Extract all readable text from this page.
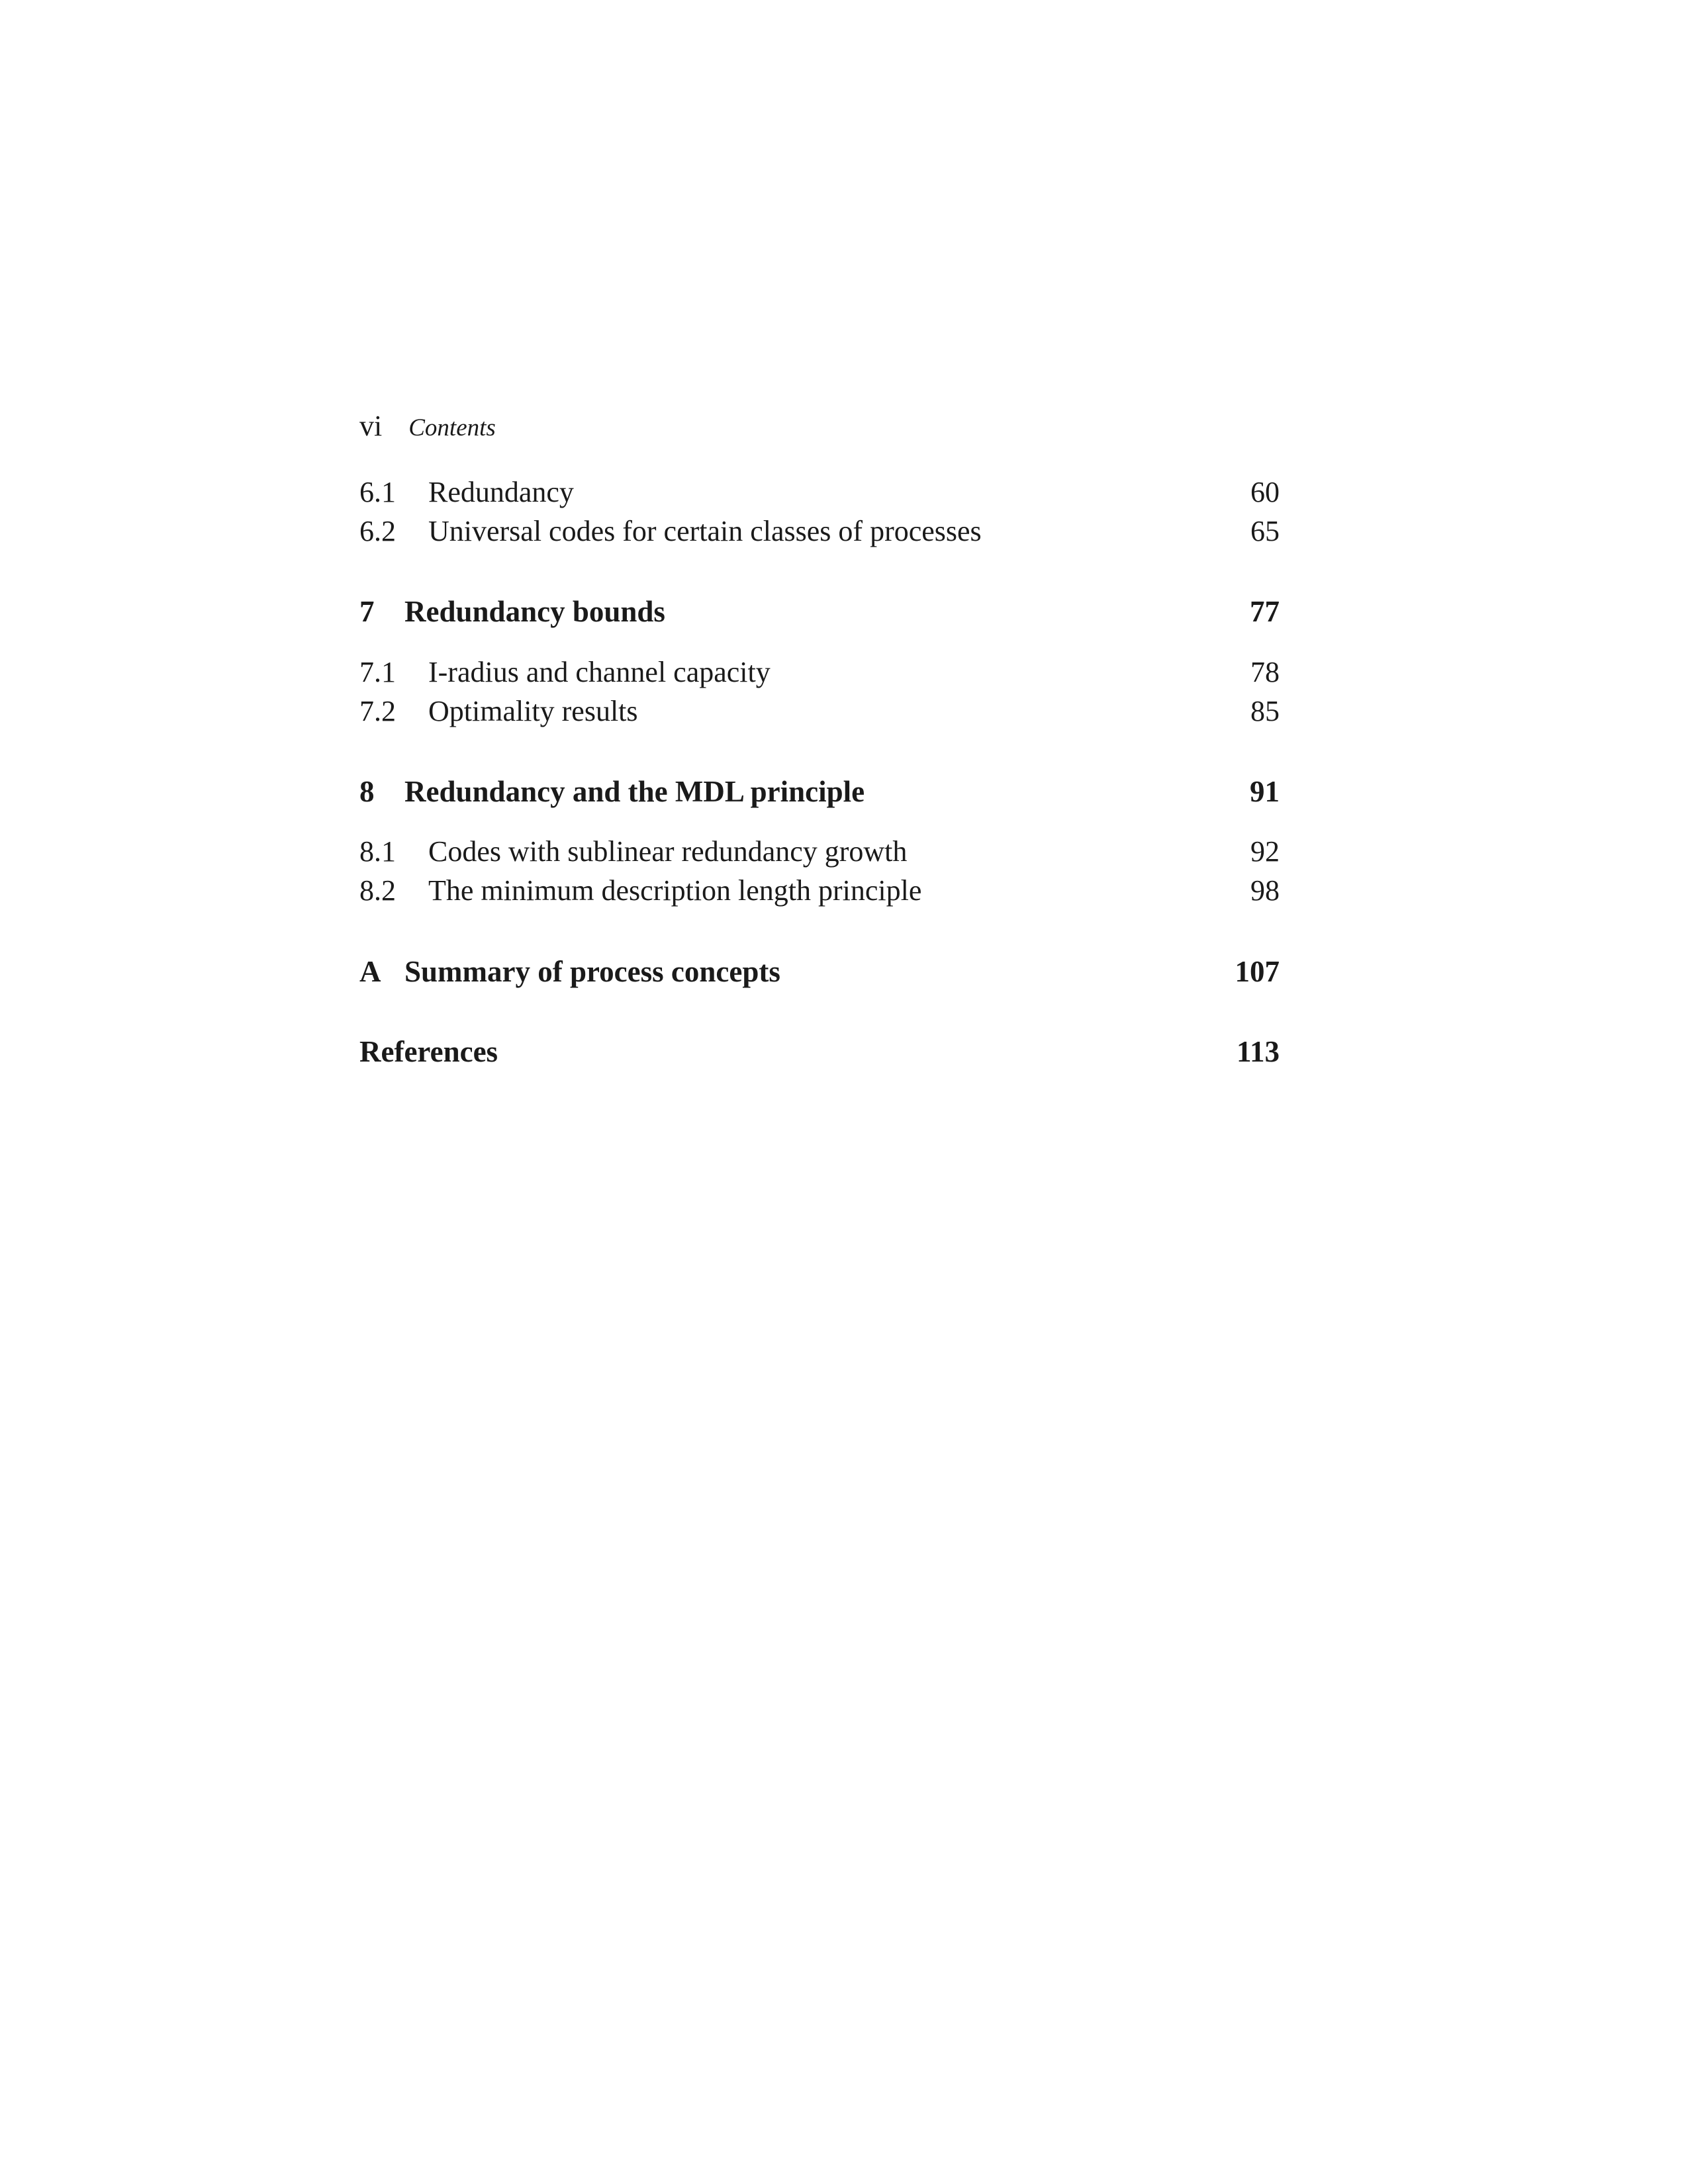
vi Contents
6.1	Redundancy	60
6.2	Universal codes for certain classes of processes	65
7	Redundancy bounds	77
7.1	I-radius and channel capacity	78
7.2	Optimality results	85
8	Redundancy and the MDL principle	91
8.1	Codes with sublinear redundancy growth	92
8.2	The minimum description length principle	98
A Summary of process concepts	107
References	113
